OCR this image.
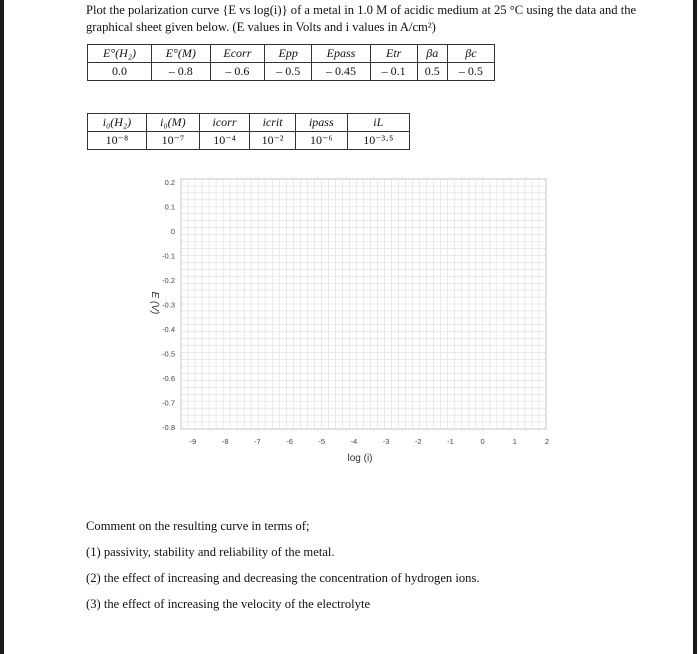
Plot the polarization curve {E vs log(i)} of a metal in 1.0 M of acidic medium at 25 °C using the data and the graphical sheet given below. (E values in Volts and i values in A/cm²)

E°(H₂)	E°(M)	Ecorr	Epp	Epass	Etr	βa	βc
0.0	– 0.8	– 0.6	– 0.5	– 0.45	– 0.1	0.5	– 0.5
i₀(H₂)	i₀(M)	icorr	icrit	ipass	iL
10⁻⁸	10⁻⁷	10⁻⁴	10⁻²	10⁻⁶	10⁻³·⁵
E (V)
log (i)
0.2
0.1
0
-0.1
-0.2
-0.3
-0.4
-0.5
-0.6
-0.7
-0.8
-9	-8	-7	-6	-5	-4	-3	-2	-1	0	1	2

Comment on the resulting curve in terms of;

(1) passivity, stability and reliability of the metal.

(2) the effect of increasing and decreasing the concentration of hydrogen ions.

(3) the effect of increasing the velocity of the electrolyte
